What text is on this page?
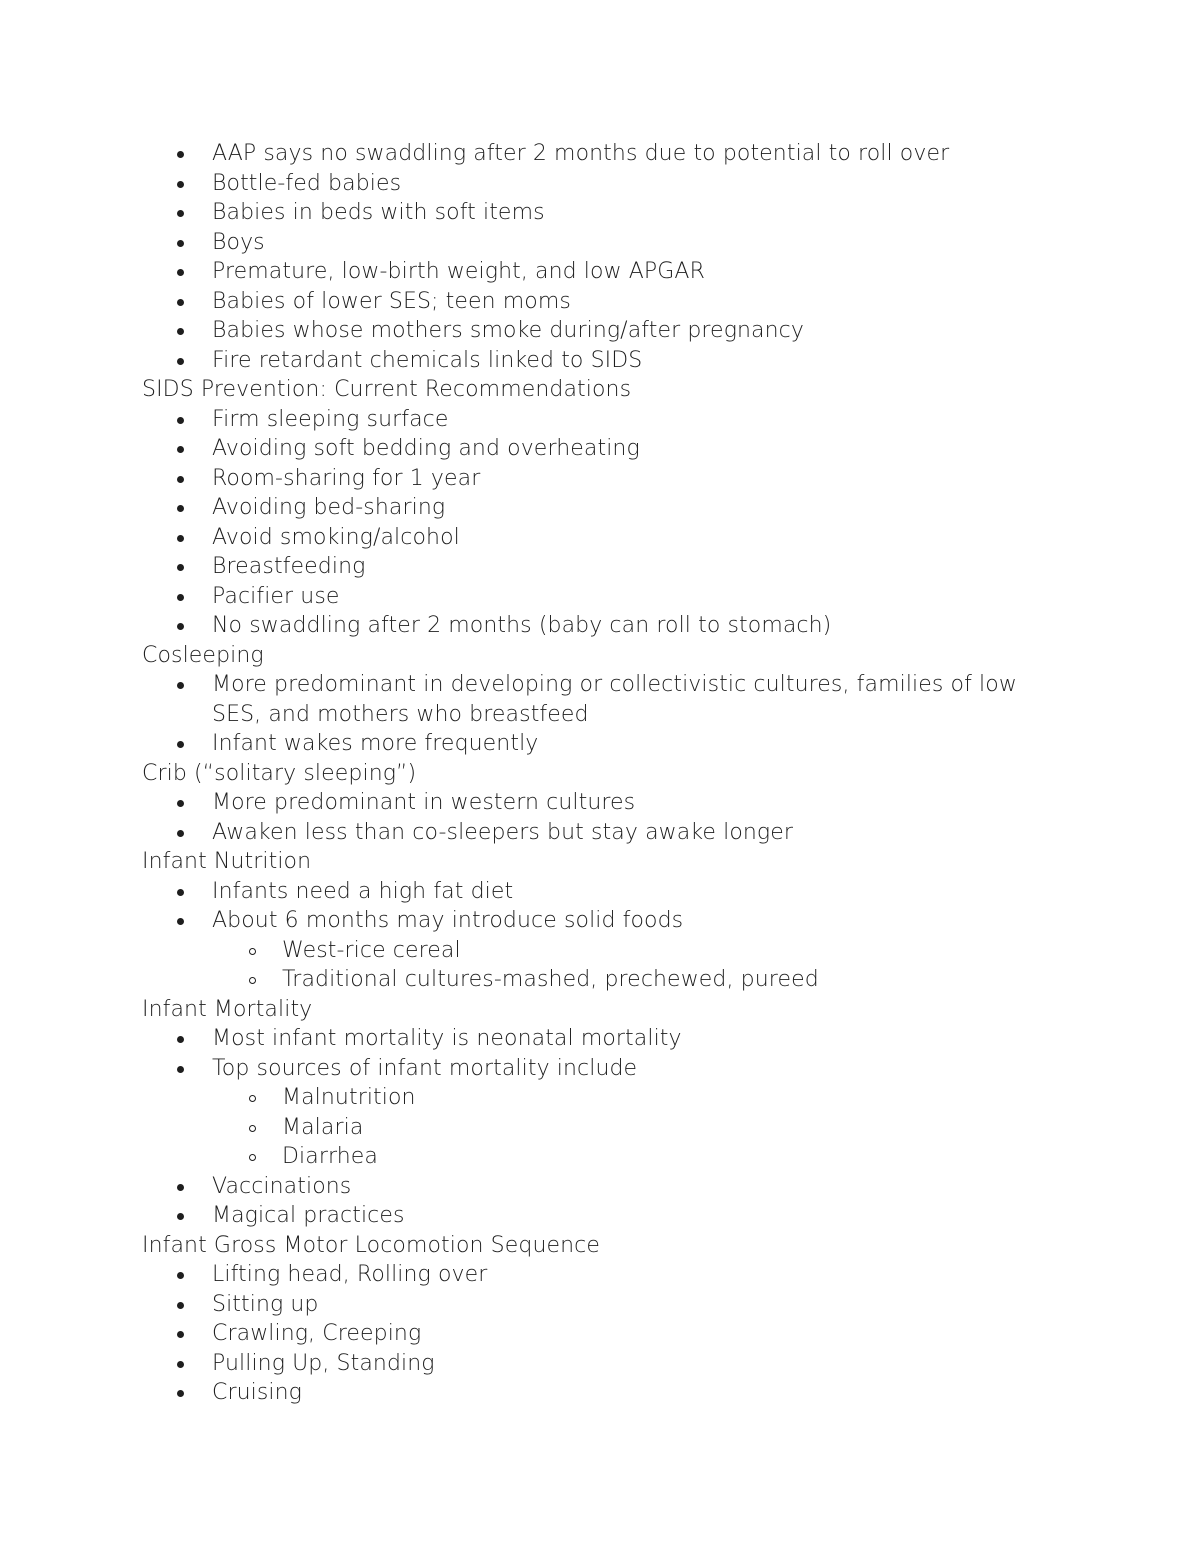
AAP says no swaddling after 2 months due to potential to roll over
Bottle-fed babies
Babies in beds with soft items
Boys
Premature, low-birth weight, and low APGAR
Babies of lower SES; teen moms
Babies whose mothers smoke during/after pregnancy
Fire retardant chemicals linked to SIDS
SIDS Prevention: Current Recommendations
Firm sleeping surface
Avoiding soft bedding and overheating
Room-sharing for 1 year
Avoiding bed-sharing
Avoid smoking/alcohol
Breastfeeding
Pacifier use
No swaddling after 2 months (baby can roll to stomach)
Cosleeping
More predominant in developing or collectivistic cultures, families of low
SES, and mothers who breastfeed
Infant wakes more frequently
Crib (“solitary sleeping”)
More predominant in western cultures
Awaken less than co-sleepers but stay awake longer
Infant Nutrition
Infants need a high fat diet
About 6 months may introduce solid foods
West-rice cereal
Traditional cultures-mashed, prechewed, pureed
Infant Mortality
Most infant mortality is neonatal mortality
Top sources of infant mortality include
Malnutrition
Malaria
Diarrhea
Vaccinations
Magical practices
Infant Gross Motor Locomotion Sequence
Lifting head, Rolling over
Sitting up
Crawling, Creeping
Pulling Up, Standing
Cruising
